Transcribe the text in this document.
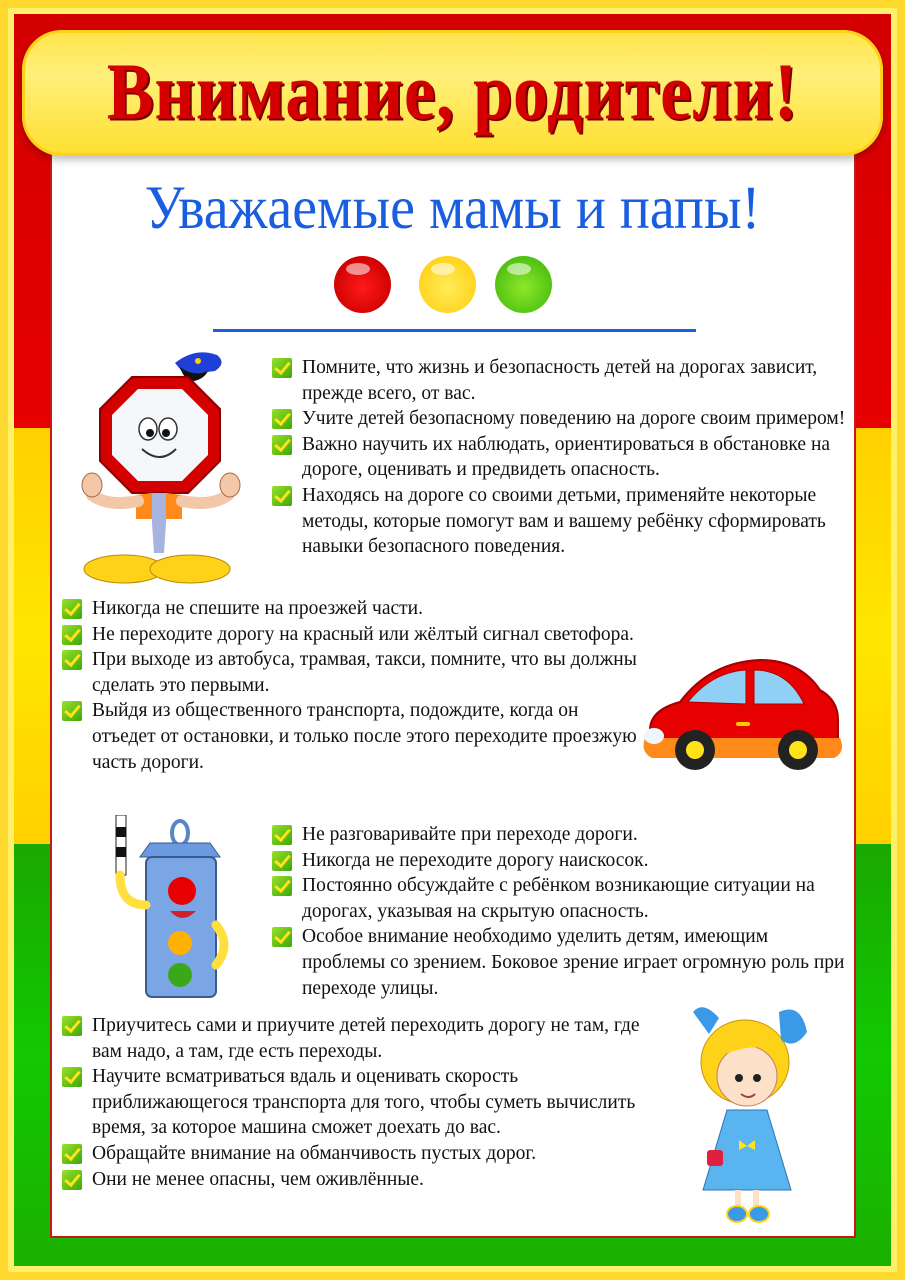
Внимание, родители!
Уважаемые мамы и папы!
Помните, что жизнь и безопасность детей на дорогах зависит, прежде всего, от вас.
Учите детей безопасному поведению на дороге своим примером!
Важно научить их наблюдать, ориентироваться в обстановке на дороге, оценивать и предвидеть опасность.
Находясь на дороге со своими детьми, применяйте некоторые методы, которые помогут вам и вашему ребёнку сформировать навыки безопасного поведения.
Никогда не спешите на проезжей части.
Не переходите дорогу на красный или жёлтый сигнал светофора.
При выходе из автобуса, трамвая, такси, помните, что вы должны сделать это первыми.
Выйдя из общественного транспорта, подождите, когда он отъедет от остановки, и только после этого переходите проезжую часть дороги.
Не разговаривайте при переходе дороги.
Никогда не переходите дорогу наискосок.
Постоянно обсуждайте с ребёнком возникающие ситуации на дорогах, указывая на скрытую опасность.
Особое внимание необходимо уделить детям, имеющим проблемы со зрением. Боковое зрение играет огромную роль при переходе улицы.
Приучитесь сами и приучите детей переходить дорогу не там, где вам надо, а там, где есть переходы.
Научите всматриваться вдаль и оценивать скорость приближающегося транспорта для того, чтобы суметь вычислить время, за которое машина сможет доехать до вас.
Обращайте внимание на обманчивость пустых дорог.
Они не менее опасны, чем оживлённые.
